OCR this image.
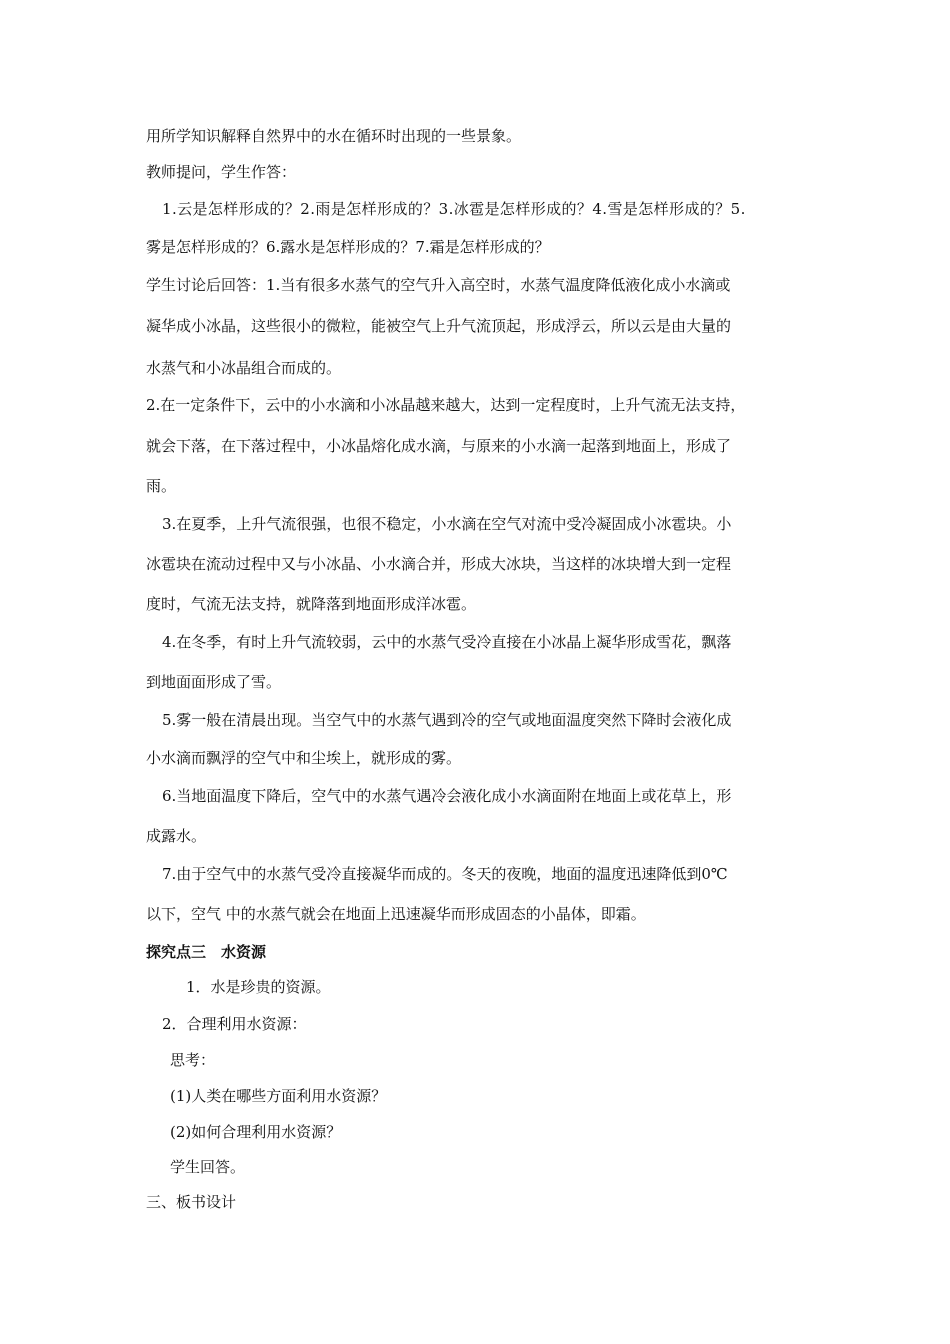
用所学知识解释自然界中的水在循环时出现的一些景象。
教师提问，学生作答：
1.云是怎样形成的？2.雨是怎样形成的？3.冰雹是怎样形成的？4.雪是怎样形成的？5.
雾是怎样形成的？6.露水是怎样形成的？7.霜是怎样形成的？
学生讨论后回答：1.当有很多水蒸气的空气升入高空时，水蒸气温度降低液化成小水滴或
凝华成小冰晶，这些很小的微粒，能被空气上升气流顶起，形成浮云，所以云是由大量的
水蒸气和小冰晶组合而成的。
2.在一定条件下，云中的小水滴和小冰晶越来越大，达到一定程度时，上升气流无法支持，
就会下落，在下落过程中，小冰晶熔化成水滴，与原来的小水滴一起落到地面上，形成了
雨。
3.在夏季，上升气流很强，也很不稳定，小水滴在空气对流中受冷凝固成小冰雹块。小
冰雹块在流动过程中又与小冰晶、小水滴合并，形成大冰块，当这样的冰块增大到一定程
度时，气流无法支持，就降落到地面形成洋冰雹。
4.在冬季，有时上升气流较弱，云中的水蒸气受冷直接在小冰晶上凝华形成雪花，飘落
到地面面形成了雪。
5.雾一般在清晨出现。当空气中的水蒸气遇到冷的空气或地面温度突然下降时会液化成
小水滴而飘浮的空气中和尘埃上，就形成的雾。
6.当地面温度下降后，空气中的水蒸气遇冷会液化成小水滴面附在地面上或花草上，形
成露水。
7.由于空气中的水蒸气受冷直接凝华而成的。冬天的夜晚，地面的温度迅速降低到0℃
以下，空气 中的水蒸气就会在地面上迅速凝华而形成固态的小晶体，即霜。
探究点三　水资源
1．水是珍贵的资源。
2．合理利用水资源：
思考：
(1)人类在哪些方面利用水资源？
(2)如何合理利用水资源？
学生回答。
三、板书设计
